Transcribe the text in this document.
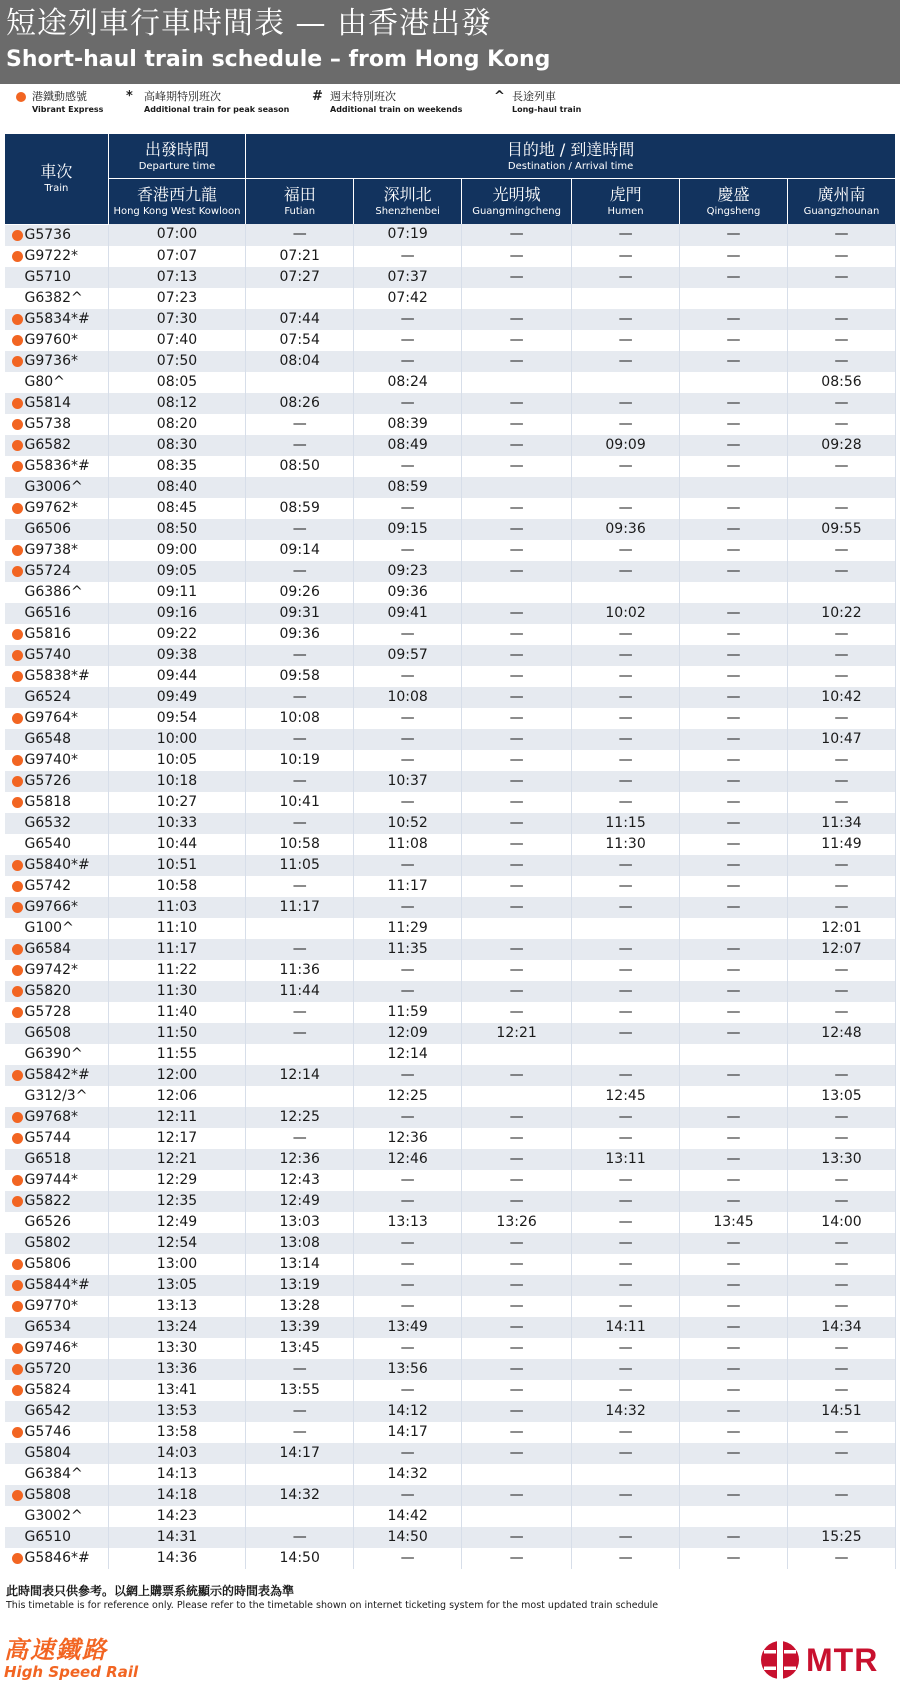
短途列車行車時間表 — 由香港出發
Short-haul train schedule – from Hong Kong
港鐵動感號
Vibrant Express
* 高峰期特別班次
Additional train for peak season
# 週末特別班次
Additional train on weekends
^ 長途列車
Long-haul train
車次
Train	出發時間
Departure time	目的地 / 到達時間
Destination / Arrival time					

	香港西九龍
Hong Kong West Kowloon	福田
Futian	深圳北
Shenzhenbei	光明城
Guangmingcheng	虎門
Humen	慶盛
Qingsheng	廣州南
Guangzhounan

G5736	07:00	—	07:19	—	—	—	—

G9722*	07:07	07:21	—	—	—	—	—
G5710	07:13	07:27	07:37	—	—	—	—
G6382^	07:23		07:42				

G5834*#	07:30	07:44	—	—	—	—	—

G9760*	07:40	07:54	—	—	—	—	—

G9736*	07:50	08:04	—	—	—	—	—
G80^	08:05		08:24				08:56

G5814	08:12	08:26	—	—	—	—	—

G5738	08:20	—	08:39	—	—	—	—

G6582	08:30	—	08:49	—	09:09	—	09:28

G5836*#	08:35	08:50	—	—	—	—	—
G3006^	08:40		08:59				

G9762*	08:45	08:59	—	—	—	—	—
G6506	08:50	—	09:15	—	09:36	—	09:55

G9738*	09:00	09:14	—	—	—	—	—

G5724	09:05	—	09:23	—	—	—	—
G6386^	09:11	09:26	09:36				
G6516	09:16	09:31	09:41	—	10:02	—	10:22

G5816	09:22	09:36	—	—	—	—	—

G5740	09:38	—	09:57	—	—	—	—

G5838*#	09:44	09:58	—	—	—	—	—
G6524	09:49	—	10:08	—	—	—	10:42

G9764*	09:54	10:08	—	—	—	—	—
G6548	10:00	—	—	—	—	—	10:47

G9740*	10:05	10:19	—	—	—	—	—

G5726	10:18	—	10:37	—	—	—	—

G5818	10:27	10:41	—	—	—	—	—
G6532	10:33	—	10:52	—	11:15	—	11:34
G6540	10:44	10:58	11:08	—	11:30	—	11:49

G5840*#	10:51	11:05	—	—	—	—	—

G5742	10:58	—	11:17	—	—	—	—

G9766*	11:03	11:17	—	—	—	—	—
G100^	11:10		11:29				12:01

G6584	11:17	—	11:35	—	—	—	12:07

G9742*	11:22	11:36	—	—	—	—	—

G5820	11:30	11:44	—	—	—	—	—

G5728	11:40	—	11:59	—	—	—	—
G6508	11:50	—	12:09	12:21	—	—	12:48
G6390^	11:55		12:14				

G5842*#	12:00	12:14	—	—	—	—	—
G312/3^	12:06		12:25		12:45		13:05

G9768*	12:11	12:25	—	—	—	—	—

G5744	12:17	—	12:36	—	—	—	—
G6518	12:21	12:36	12:46	—	13:11	—	13:30

G9744*	12:29	12:43	—	—	—	—	—

G5822	12:35	12:49	—	—	—	—	—
G6526	12:49	13:03	13:13	13:26	—	13:45	14:00
G5802	12:54	13:08	—	—	—	—	—

G5806	13:00	13:14	—	—	—	—	—

G5844*#	13:05	13:19	—	—	—	—	—

G9770*	13:13	13:28	—	—	—	—	—
G6534	13:24	13:39	13:49	—	14:11	—	14:34

G9746*	13:30	13:45	—	—	—	—	—

G5720	13:36	—	13:56	—	—	—	—

G5824	13:41	13:55	—	—	—	—	—
G6542	13:53	—	14:12	—	14:32	—	14:51

G5746	13:58	—	14:17	—	—	—	—
G5804	14:03	14:17	—	—	—	—	—
G6384^	14:13		14:32				

G5808	14:18	14:32	—	—	—	—	—
G3002^	14:23		14:42				
G6510	14:31	—	14:50	—	—	—	15:25

G5846*#	14:36	14:50	—	—	—	—	—
此時間表只供參考。以網上購票系統顯示的時間表為準
This timetable is for reference only. Please refer to the timetable shown on internet ticketing system for the most updated train schedule
高速鐵路
High Speed Rail	MTR
